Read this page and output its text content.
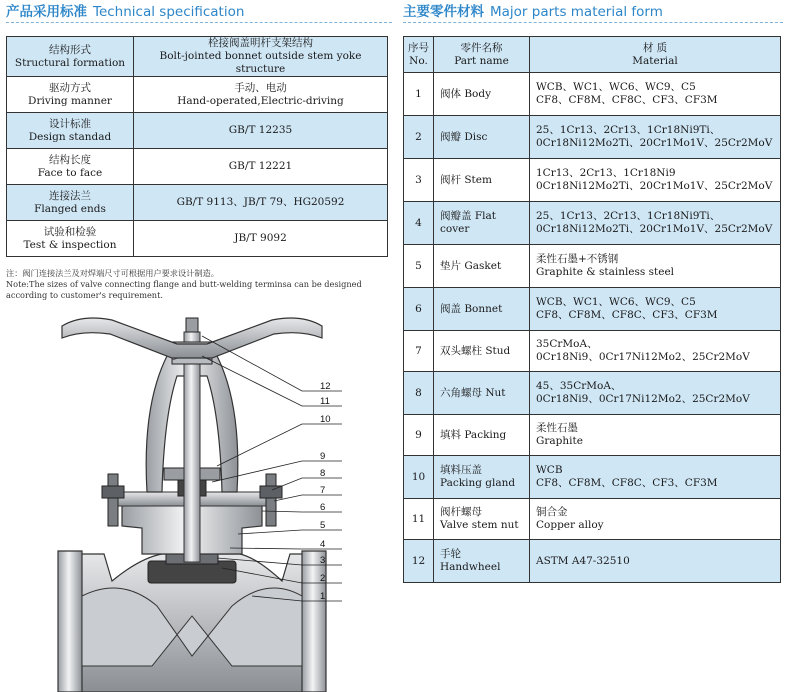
产品采用标准 Technical specification	主要零件材料 Major parts material form
结构形式
Structural formation	栓接阀盖明杆支架结构
Bolt-jointed bonnet outside stem yoke structure

驱动方式
Driving manner	手动、电动
Hand-operated,Electric-driving

设计标准
Design standad	GB/T 12235

结构长度
Face to face	GB/T 12221

连接法兰
Flanged ends	GB/T 9113、JB/T 79、HG20592

试验和检验
Test & inspection	JB/T 9092
注：阀门连接法兰及对焊端尺寸可根据用户要求设计制造。
Note:The sizes of valve connecting flange and butt-welding terminsa can be designed
according to customer's requirement.
序号
No.	零件名称
Part name	材 质
Material

1	阀体 Body	WCB、WC1、WC6、WC9、C5
CF8、CF8M、CF8C、CF3、CF3M

2	阀瓣 Disc	25、1Cr13、2Cr13、1Cr18Ni9Ti、
0Cr18Ni12Mo2Ti、20Cr1Mo1V、25Cr2MoV

3	阀杆 Stem	1Cr13、2Cr13、1Cr18Ni9
0Cr18Ni12Mo2Ti、20Cr1Mo1V、25Cr2MoV

4	阀瓣盖 Flat cover	25、1Cr13、2Cr13、1Cr18Ni9Ti、
0Cr18Ni12Mo2Ti、20Cr1Mo1V、25Cr2MoV

5	垫片 Gasket	柔性石墨+不锈钢
Graphite & stainless steel

6	阀盖 Bonnet	WCB、WC1、WC6、WC9、C5
CF8、CF8M、CF8C、CF3、CF3M

7	双头螺柱 Stud	35CrMoA、
0Cr18Ni9、0Cr17Ni12Mo2、25Cr2MoV

8	六角螺母 Nut	45、35CrMoA、
0Cr18Ni9、0Cr17Ni12Mo2、25Cr2MoV

9	填料 Packing	柔性石墨
Graphite

10	填料压盖
Packing gland	WCB
CF8、CF8M、CF8C、CF3、CF3M

11	阀杆螺母
Valve stem nut	铜合金
Copper alloy

12	手轮
Handwheel	ASTM A47-32510
12
11
10
9
8
7
6
5
4
3
2
1
